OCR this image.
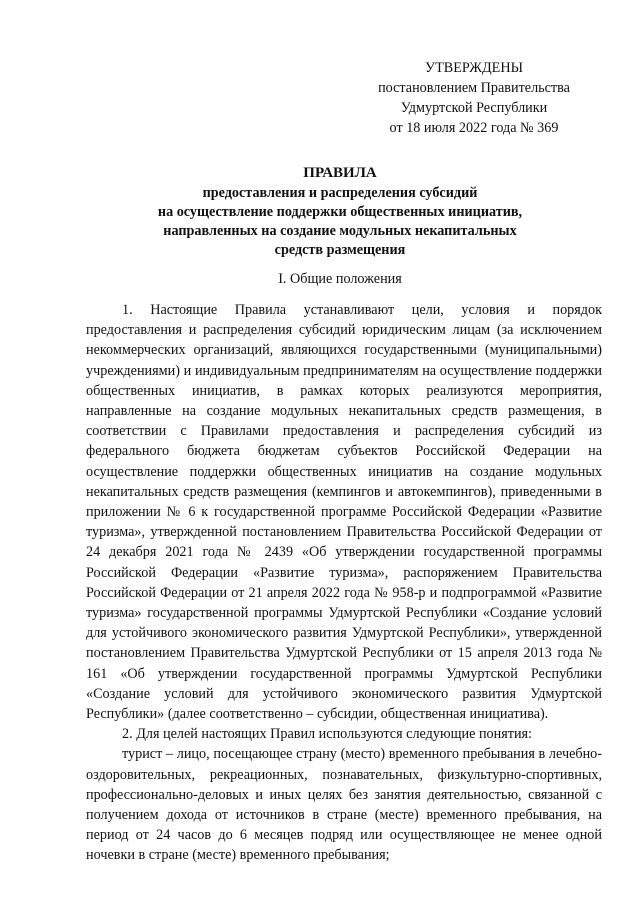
УТВЕРЖДЕНЫ
постановлением Правительства
Удмуртской Республики
от 18 июля 2022 года № 369
ПРАВИЛА
предоставления и распределения субсидий
на осуществление поддержки общественных инициатив,
направленных на создание модульных некапитальных
средств размещения
I. Общие положения

1. Настоящие Правила устанавливают цели, условия и порядок предоставления и распределения субсидий юридическим лицам (за исключением некоммерческих организаций, являющихся государственными (муниципальными) учреждениями) и индивидуальным предпринимателям на осуществление поддержки общественных инициатив, в рамках которых реализуются мероприятия, направленные на создание модульных некапитальных средств размещения, в соответствии с Правилами предоставления и распределения субсидий из федерального бюджета бюджетам субъектов Российской Федерации на осуществление поддержки общественных инициатив на создание модульных некапитальных средств размещения (кемпингов и автокемпингов), приведенными в приложении № 6 к государственной программе Российской Федерации «Развитие туризма», утвержденной постановлением Правительства Российской Федерации от 24 декабря 2021 года № 2439 «Об утверждении государственной программы Российской Федерации «Развитие туризма», распоряжением Правительства Российской Федерации от 21 апреля 2022 года № 958-р и подпрограммой «Развитие туризма» государственной программы Удмуртской Республики «Создание условий для устойчивого экономического развития Удмуртской Республики», утвержденной постановлением Правительства Удмуртской Республики от 15 апреля 2013 года № 161 «Об утверждении государственной программы Удмуртской Республики «Создание условий для устойчивого экономического развития Удмуртской Республики» (далее соответственно – субсидии, общественная инициатива).

2. Для целей настоящих Правил используются следующие понятия:

турист – лицо, посещающее страну (место) временного пребывания в лечебно-оздоровительных, рекреационных, познавательных, физкультурно-спортивных, профессионально-деловых и иных целях без занятия деятельностью, связанной с получением дохода от источников в стране (месте) временного пребывания, на период от 24 часов до 6 месяцев подряд или осуществляющее не менее одной ночевки в стране (месте) временного пребывания;
